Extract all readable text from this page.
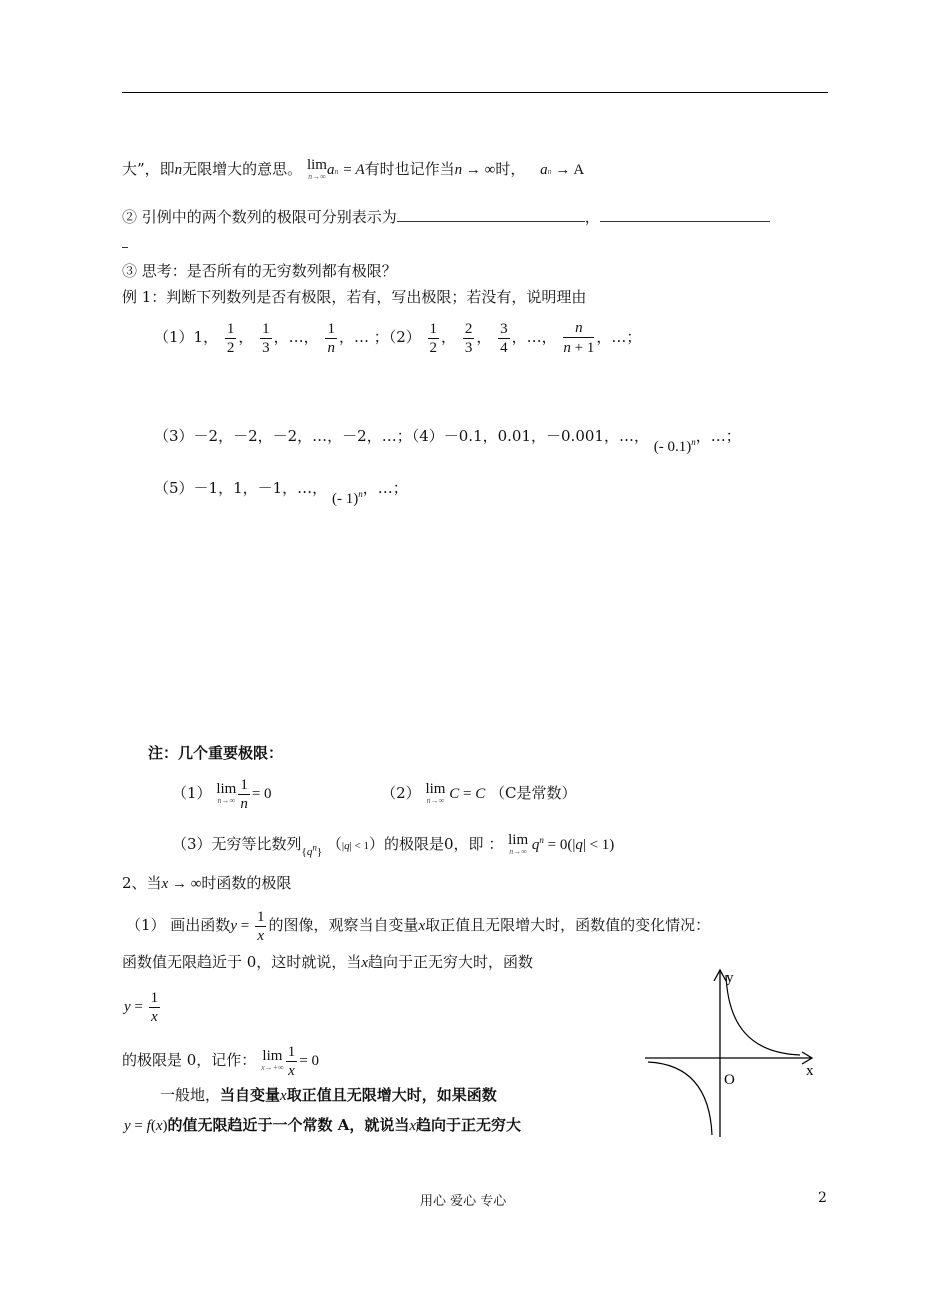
大”，即n无限增大的意思。 lim
n→∞ an = A有时也记作当n → ∞时， an → A
② 引例中的两个数列的极限可分别表示为	，
③ 思考：是否所有的无穷数列都有极限？
例 1：判断下列数列是否有极限，若有，写出极限；若没有，说明理由
（1）1， $\frac{1}{2}$ ， $\frac{1}{3}$ ，…， $\frac{1}{n}$ ，… ；$(2) \frac{1}{2}$ ， $\frac{2}{3}$ ， $\frac{3}{4}$ ，…， $\frac{n}{n + 1}$ ，…；
（3）－2，－2，－2，…，－2，…；（4）－0.1，0.01，－0.001，…， (- 0.1)$^n$，…；
（5）－1，1，－1，…， (- 1)$^n$，…；
注：几个重要极限：
（1） lim
$n\to\infty \frac{1}{n} = 0$	（2） lim
n→∞ C = C （C是常数）
（3）无穷等比数列$_{\{q^n\}}$ （|q| < 1）的极限是0，即 ： lim
n→∞ $q^n = 0(|q| < 1)$
2、当x → ∞时函数的极限
（1） 画出函数$y = \frac{1}{x}$ 的图像，观察当自变量x取正值且无限增大时，函数值的变化情况：
函数值无限趋近于 0，这时就说，当x趋向于正无穷大时，函数
$y = \frac{1}{x}$
的极限是 0，记作： lim
$x\to+\infty \frac{1}{x} = 0$
一般地，当自变量x取正值且无限增大时，如果函数
y = f(x)的值无限趋近于一个常数 A，就说当x趋向于正无穷大
y
x
O
用心 爱心 专心	2
